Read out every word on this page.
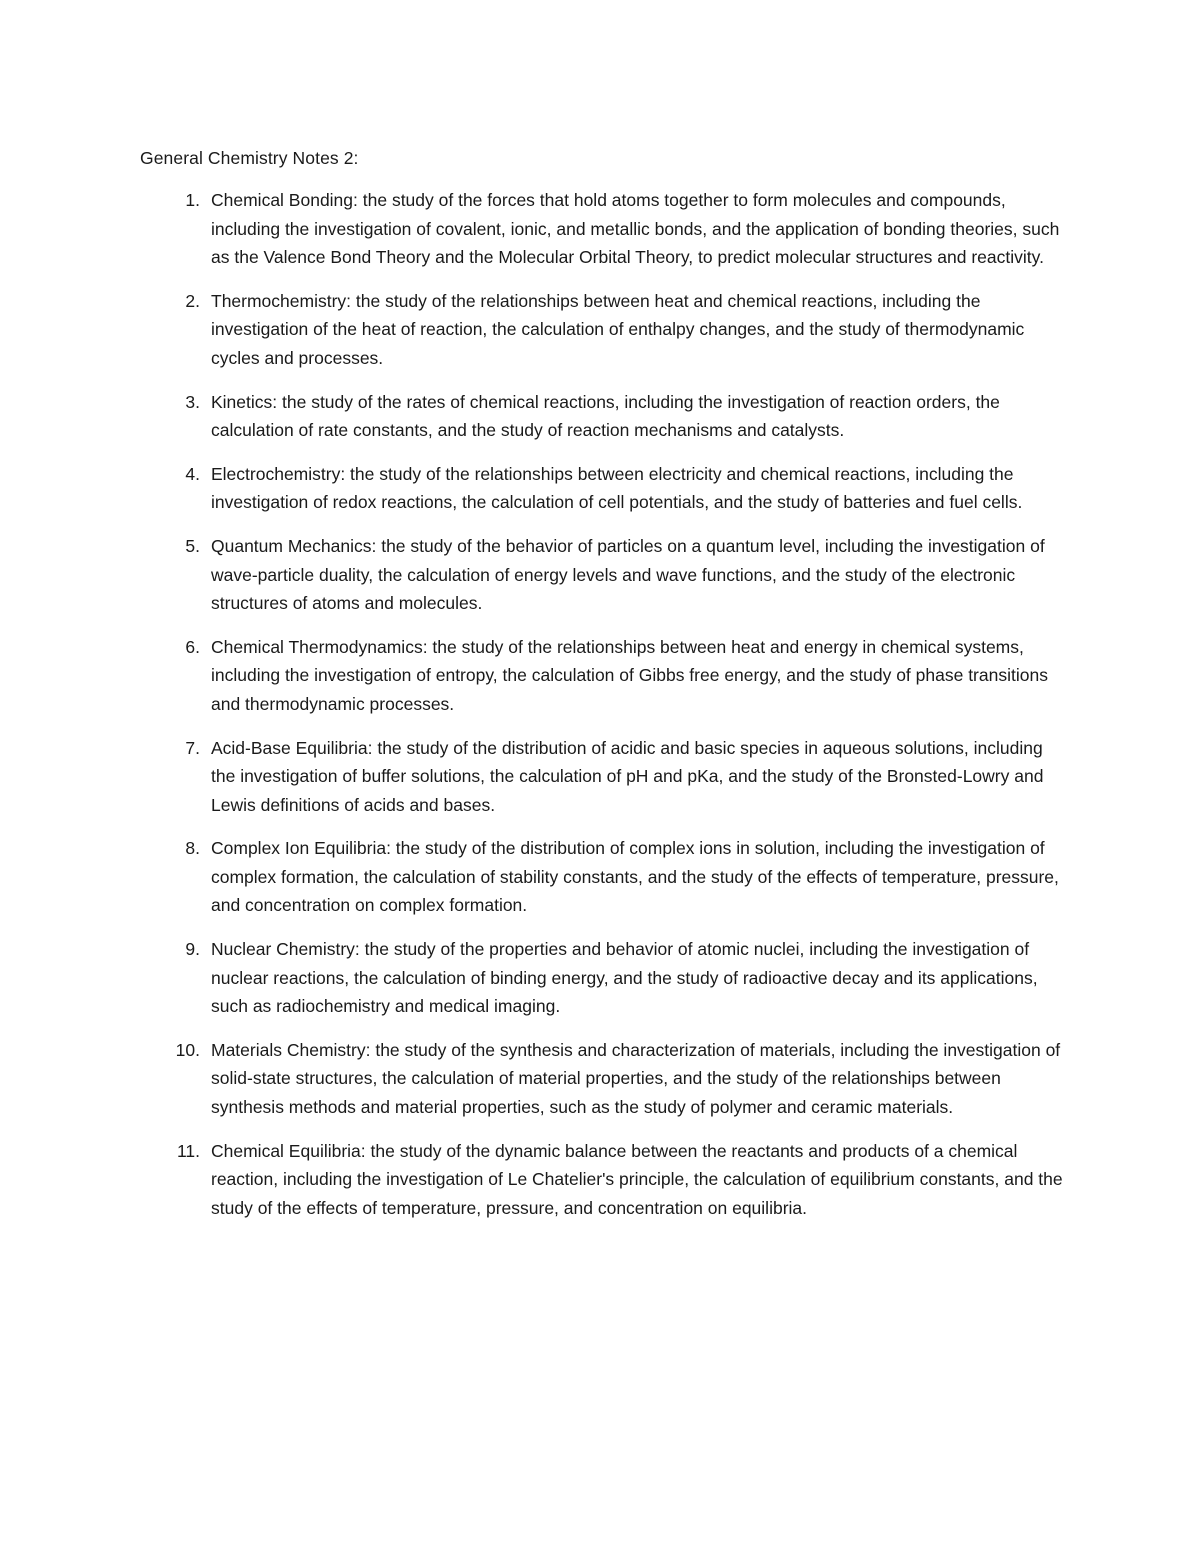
General Chemistry Notes 2:
1. Chemical Bonding: the study of the forces that hold atoms together to form molecules and compounds, including the investigation of covalent, ionic, and metallic bonds, and the application of bonding theories, such as the Valence Bond Theory and the Molecular Orbital Theory, to predict molecular structures and reactivity.
2. Thermochemistry: the study of the relationships between heat and chemical reactions, including the investigation of the heat of reaction, the calculation of enthalpy changes, and the study of thermodynamic cycles and processes.
3. Kinetics: the study of the rates of chemical reactions, including the investigation of reaction orders, the calculation of rate constants, and the study of reaction mechanisms and catalysts.
4. Electrochemistry: the study of the relationships between electricity and chemical reactions, including the investigation of redox reactions, the calculation of cell potentials, and the study of batteries and fuel cells.
5. Quantum Mechanics: the study of the behavior of particles on a quantum level, including the investigation of wave-particle duality, the calculation of energy levels and wave functions, and the study of the electronic structures of atoms and molecules.
6. Chemical Thermodynamics: the study of the relationships between heat and energy in chemical systems, including the investigation of entropy, the calculation of Gibbs free energy, and the study of phase transitions and thermodynamic processes.
7. Acid-Base Equilibria: the study of the distribution of acidic and basic species in aqueous solutions, including the investigation of buffer solutions, the calculation of pH and pKa, and the study of the Bronsted-Lowry and Lewis definitions of acids and bases.
8. Complex Ion Equilibria: the study of the distribution of complex ions in solution, including the investigation of complex formation, the calculation of stability constants, and the study of the effects of temperature, pressure, and concentration on complex formation.
9. Nuclear Chemistry: the study of the properties and behavior of atomic nuclei, including the investigation of nuclear reactions, the calculation of binding energy, and the study of radioactive decay and its applications, such as radiochemistry and medical imaging.
10. Materials Chemistry: the study of the synthesis and characterization of materials, including the investigation of solid-state structures, the calculation of material properties, and the study of the relationships between synthesis methods and material properties, such as the study of polymer and ceramic materials.
11. Chemical Equilibria: the study of the dynamic balance between the reactants and products of a chemical reaction, including the investigation of Le Chatelier's principle, the calculation of equilibrium constants, and the study of the effects of temperature, pressure, and concentration on equilibria.
